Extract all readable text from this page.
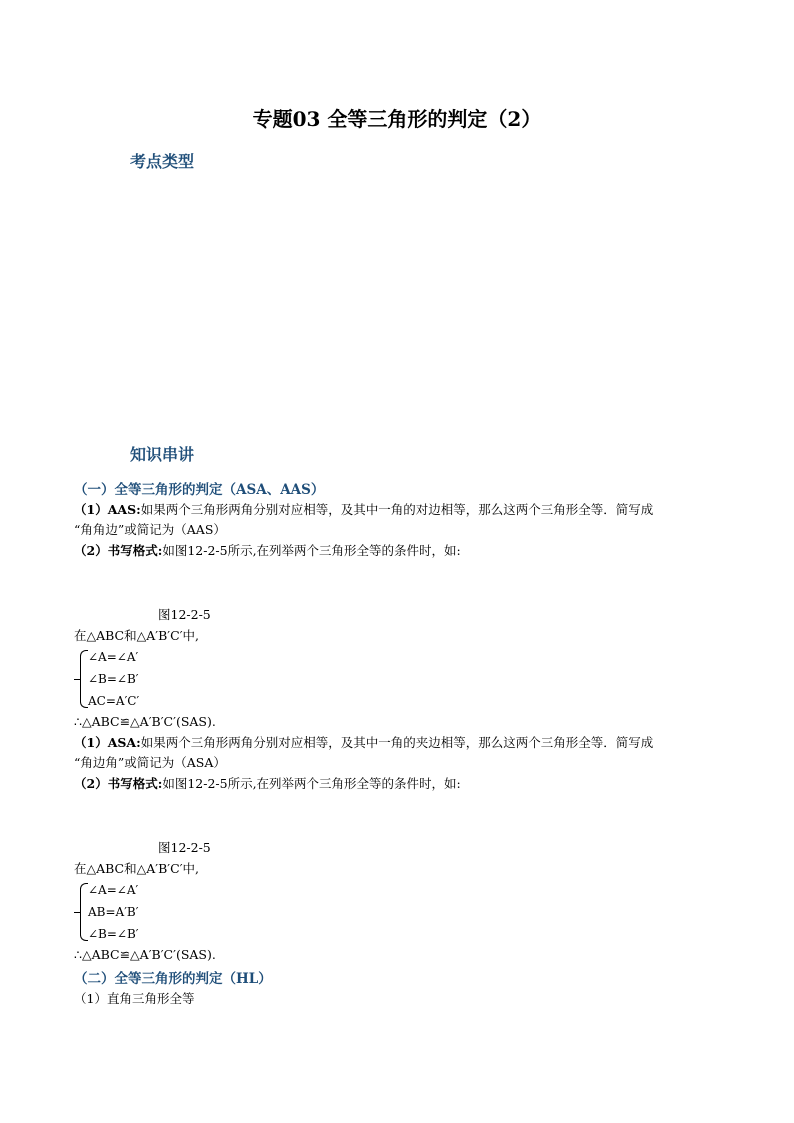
专题03 全等三角形的判定（2）
考点类型
知识串讲
（一）全等三角形的判定（ASA、AAS）
（1）AAS:如果两个三角形两角分别对应相等，及其中一角的对边相等，那么这两个三角形全等．简写成
“角角边”或简记为（AAS）
（2）书写格式:如图12-2-5所示,在列举两个三角形全等的条件时，如:
图12-2-5
在△ABC和△A′B′C′中,
∠A=∠A′
∠B=∠B′
AC=A′C′
∴△ABC≌△A′B′C′(SAS).
（1）ASA:如果两个三角形两角分别对应相等，及其中一角的夹边相等，那么这两个三角形全等．简写成
“角边角”或简记为（ASA）
（2）书写格式:如图12-2-5所示,在列举两个三角形全等的条件时，如:
图12-2-5
在△ABC和△A′B′C′中,
∠A=∠A′
AB=A′B′
∠B=∠B′
∴△ABC≌△A′B′C′(SAS).
（二）全等三角形的判定（HL）
（1）直角三角形全等
